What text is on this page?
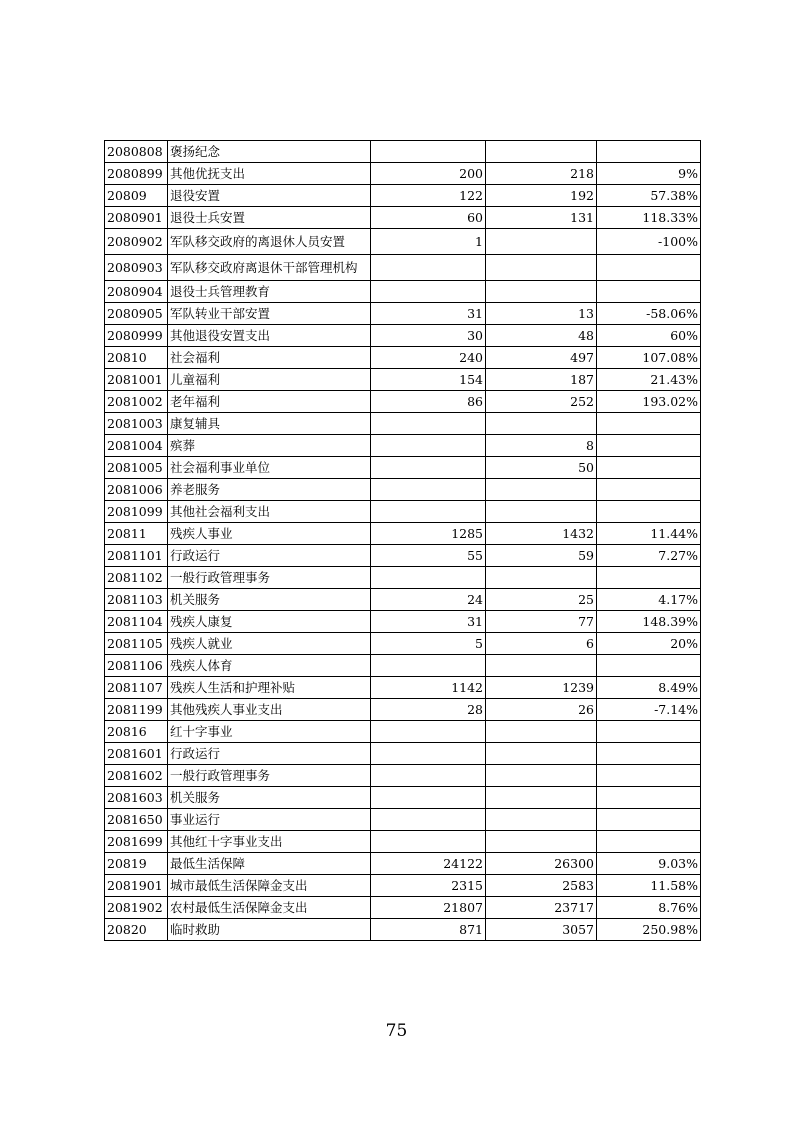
2080808	褒扬纪念			
2080899	其他优抚支出	200	218	9%
20809	退役安置	122	192	57.38%
2080901	退役士兵安置	60	131	118.33%
2080902	军队移交政府的离退休人员安置	1		-100%
2080903	军队移交政府离退休干部管理机构			
2080904	退役士兵管理教育			
2080905	军队转业干部安置	31	13	-58.06%
2080999	其他退役安置支出	30	48	60%
20810	社会福利	240	497	107.08%
2081001	儿童福利	154	187	21.43%
2081002	老年福利	86	252	193.02%
2081003	康复辅具			
2081004	殡葬		8	
2081005	社会福利事业单位		50	
2081006	养老服务			
2081099	其他社会福利支出			
20811	残疾人事业	1285	1432	11.44%
2081101	行政运行	55	59	7.27%
2081102	一般行政管理事务			
2081103	机关服务	24	25	4.17%
2081104	残疾人康复	31	77	148.39%
2081105	残疾人就业	5	6	20%
2081106	残疾人体育			
2081107	残疾人生活和护理补贴	1142	1239	8.49%
2081199	其他残疾人事业支出	28	26	-7.14%
20816	红十字事业			
2081601	行政运行			
2081602	一般行政管理事务			
2081603	机关服务			
2081650	事业运行			
2081699	其他红十字事业支出			
20819	最低生活保障	24122	26300	9.03%
2081901	城市最低生活保障金支出	2315	2583	11.58%
2081902	农村最低生活保障金支出	21807	23717	8.76%
20820	临时救助	871	3057	250.98%
75
